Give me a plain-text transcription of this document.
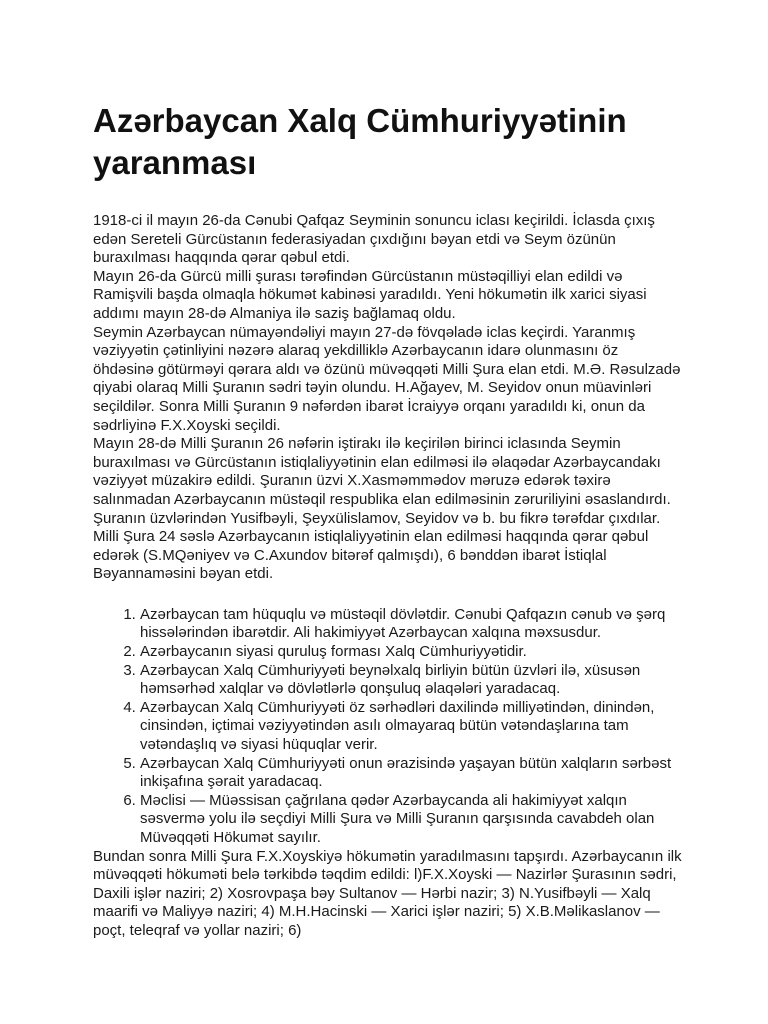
Azərbaycan Xalq Cümhuriyyətinin yaranması

1918-ci il mayın 26-da Cənubi Qafqaz Seyminin sonuncu iclası keçirildi. İclasda çıxış edən Sereteli Gürcüstanın federasiyadan çıxdığını bəyan etdi və Seym özünün buraxılması haqqında qərar qəbul etdi.

Mayın 26-da Gürcü milli şurası tərəfindən Gürcüstanın müstəqilliyi elan edildi və Ramişvili başda olmaqla hökumət kabinəsi yaradıldı. Yeni hökumətin ilk xarici siyasi addımı mayın 28-də Almaniya ilə saziş bağlamaq oldu.

Seymin Azərbaycan nümayəndəliyi mayın 27-də fövqəladə iclas keçirdi. Yaranmış vəziyyətin çətinliyini nəzərə alaraq yekdilliklə Azərbaycanın idarə olunmasını öz öhdəsinə götürməyi qərara aldı və özünü müvəqqəti Milli Şura elan etdi. M.Ə. Rəsulzadə qiyabi olaraq Milli Şuranın sədri təyin olundu. H.Ağayev, M. Seyidov onun müavinləri seçildilər. Sonra Milli Şuranın 9 nəfərdən ibarət İcraiyyə orqanı yaradıldı ki, onun da sədrliyinə F.X.Xoyski seçildi.

Mayın 28-də Milli Şuranın 26 nəfərin iştirakı ilə keçirilən birinci iclasında Seymin buraxılması və Gürcüstanın istiqlaliyyətinin elan edilməsi ilə əlaqədar Azərbaycandakı vəziyyət müzakirə edildi. Şuranın üzvi X.Xasməmmədov məruzə edərək təxirə salınmadan Azərbaycanın müstəqil respublika elan edilməsinin zəruriliyini əsaslandırdı. Şuranın üzvlərindən Yusifbəyli, Şeyxülislamov, Seyidov və b. bu fikrə tərəfdar çıxdılar. Milli Şura 24 səslə Azərbaycanın istiqlaliyyətinin elan edilməsi haqqında qərar qəbul edərək (S.MQəniyev və C.Axundov bitərəf qalmışdı), 6 bənddən ibarət İstiqlal Bəyannaməsini bəyan etdi.

1. Azərbaycan tam hüquqlu və müstəqil dövlətdir. Cənubi Qafqazın cənub və şərq hissələrindən ibarətdir. Ali hakimiyyət Azərbaycan xalqına məxsusdur.
2. Azərbaycanın siyasi quruluş forması Xalq Cümhuriyyətidir.
3. Azərbaycan Xalq Cümhuriyyəti beynəlxalq birliyin bütün üzvləri ilə, xüsusən həmsərhəd xalqlar və dövlətlərlə qonşuluq əlaqələri yaradacaq.
4. Azərbaycan Xalq Cümhuriyyəti öz sərhədləri daxilində milliyətindən, dinindən, cinsindən, içtimai vəziyyətindən asılı olmayaraq bütün vətəndaşlarına tam vətəndaşlıq və siyasi hüquqlar verir.
5. Azərbaycan Xalq Cümhuriyyəti onun ərazisində yaşayan bütün xalqların sərbəst inkişafına şərait yaradacaq.
6. Məclisi — Müəssisan çağrılana qədər Azərbaycanda ali hakimiyyət xalqın səsvermə yolu ilə seçdiyi Milli Şura və Milli Şuranın qarşısında cavabdeh olan Müvəqqəti Hökumət sayılır.

Bundan sonra Milli Şura F.X.Xoyskiyə hökumətin yaradılmasını tapşırdı. Azərbaycanın ilk müvəqqəti hökuməti belə tərkibdə təqdim edildi: l)F.X.Xoyski — Nazirlər Şurasının sədri, Daxili işlər naziri; 2) Xosrovpaşa bəy Sultanov — Hərbi nazir; 3) N.Yusifbəyli — Xalq maarifi və Maliyyə naziri; 4) M.H.Hacinski — Xarici işlər naziri; 5) X.B.Məlikaslanov — poçt, teleqraf və yollar naziri; 6)
